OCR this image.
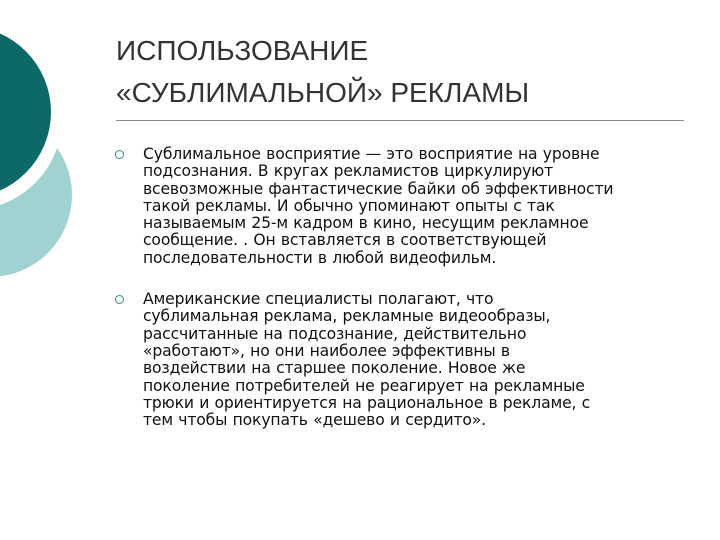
ИСПОЛЬЗОВАНИЕ
«СУБЛИМАЛЬНОЙ» РЕКЛАМЫ
Сублимальное восприятие — это восприятие на уровне
подсознания. В кругах рекламистов циркулируют
всевозможные фантастические байки об эффективности
такой рекламы. И обычно упоминают опыты с так
называемым 25-м кадром в кино, несущим рекламное
сообщение. . Он вставляется в соответствующей
последовательности в любой видеофильм.
Американские специалисты полагают, что
сублимальная реклама, рекламные видеообразы,
рассчитанные на подсознание, действительно
«работают», но они наиболее эффективны в
воздействии на старшее поколение. Новое же
поколение потребителей не реагирует на рекламные
трюки и ориентируется на рациональное в рекламе, с
тем чтобы покупать «дешево и сердито».
